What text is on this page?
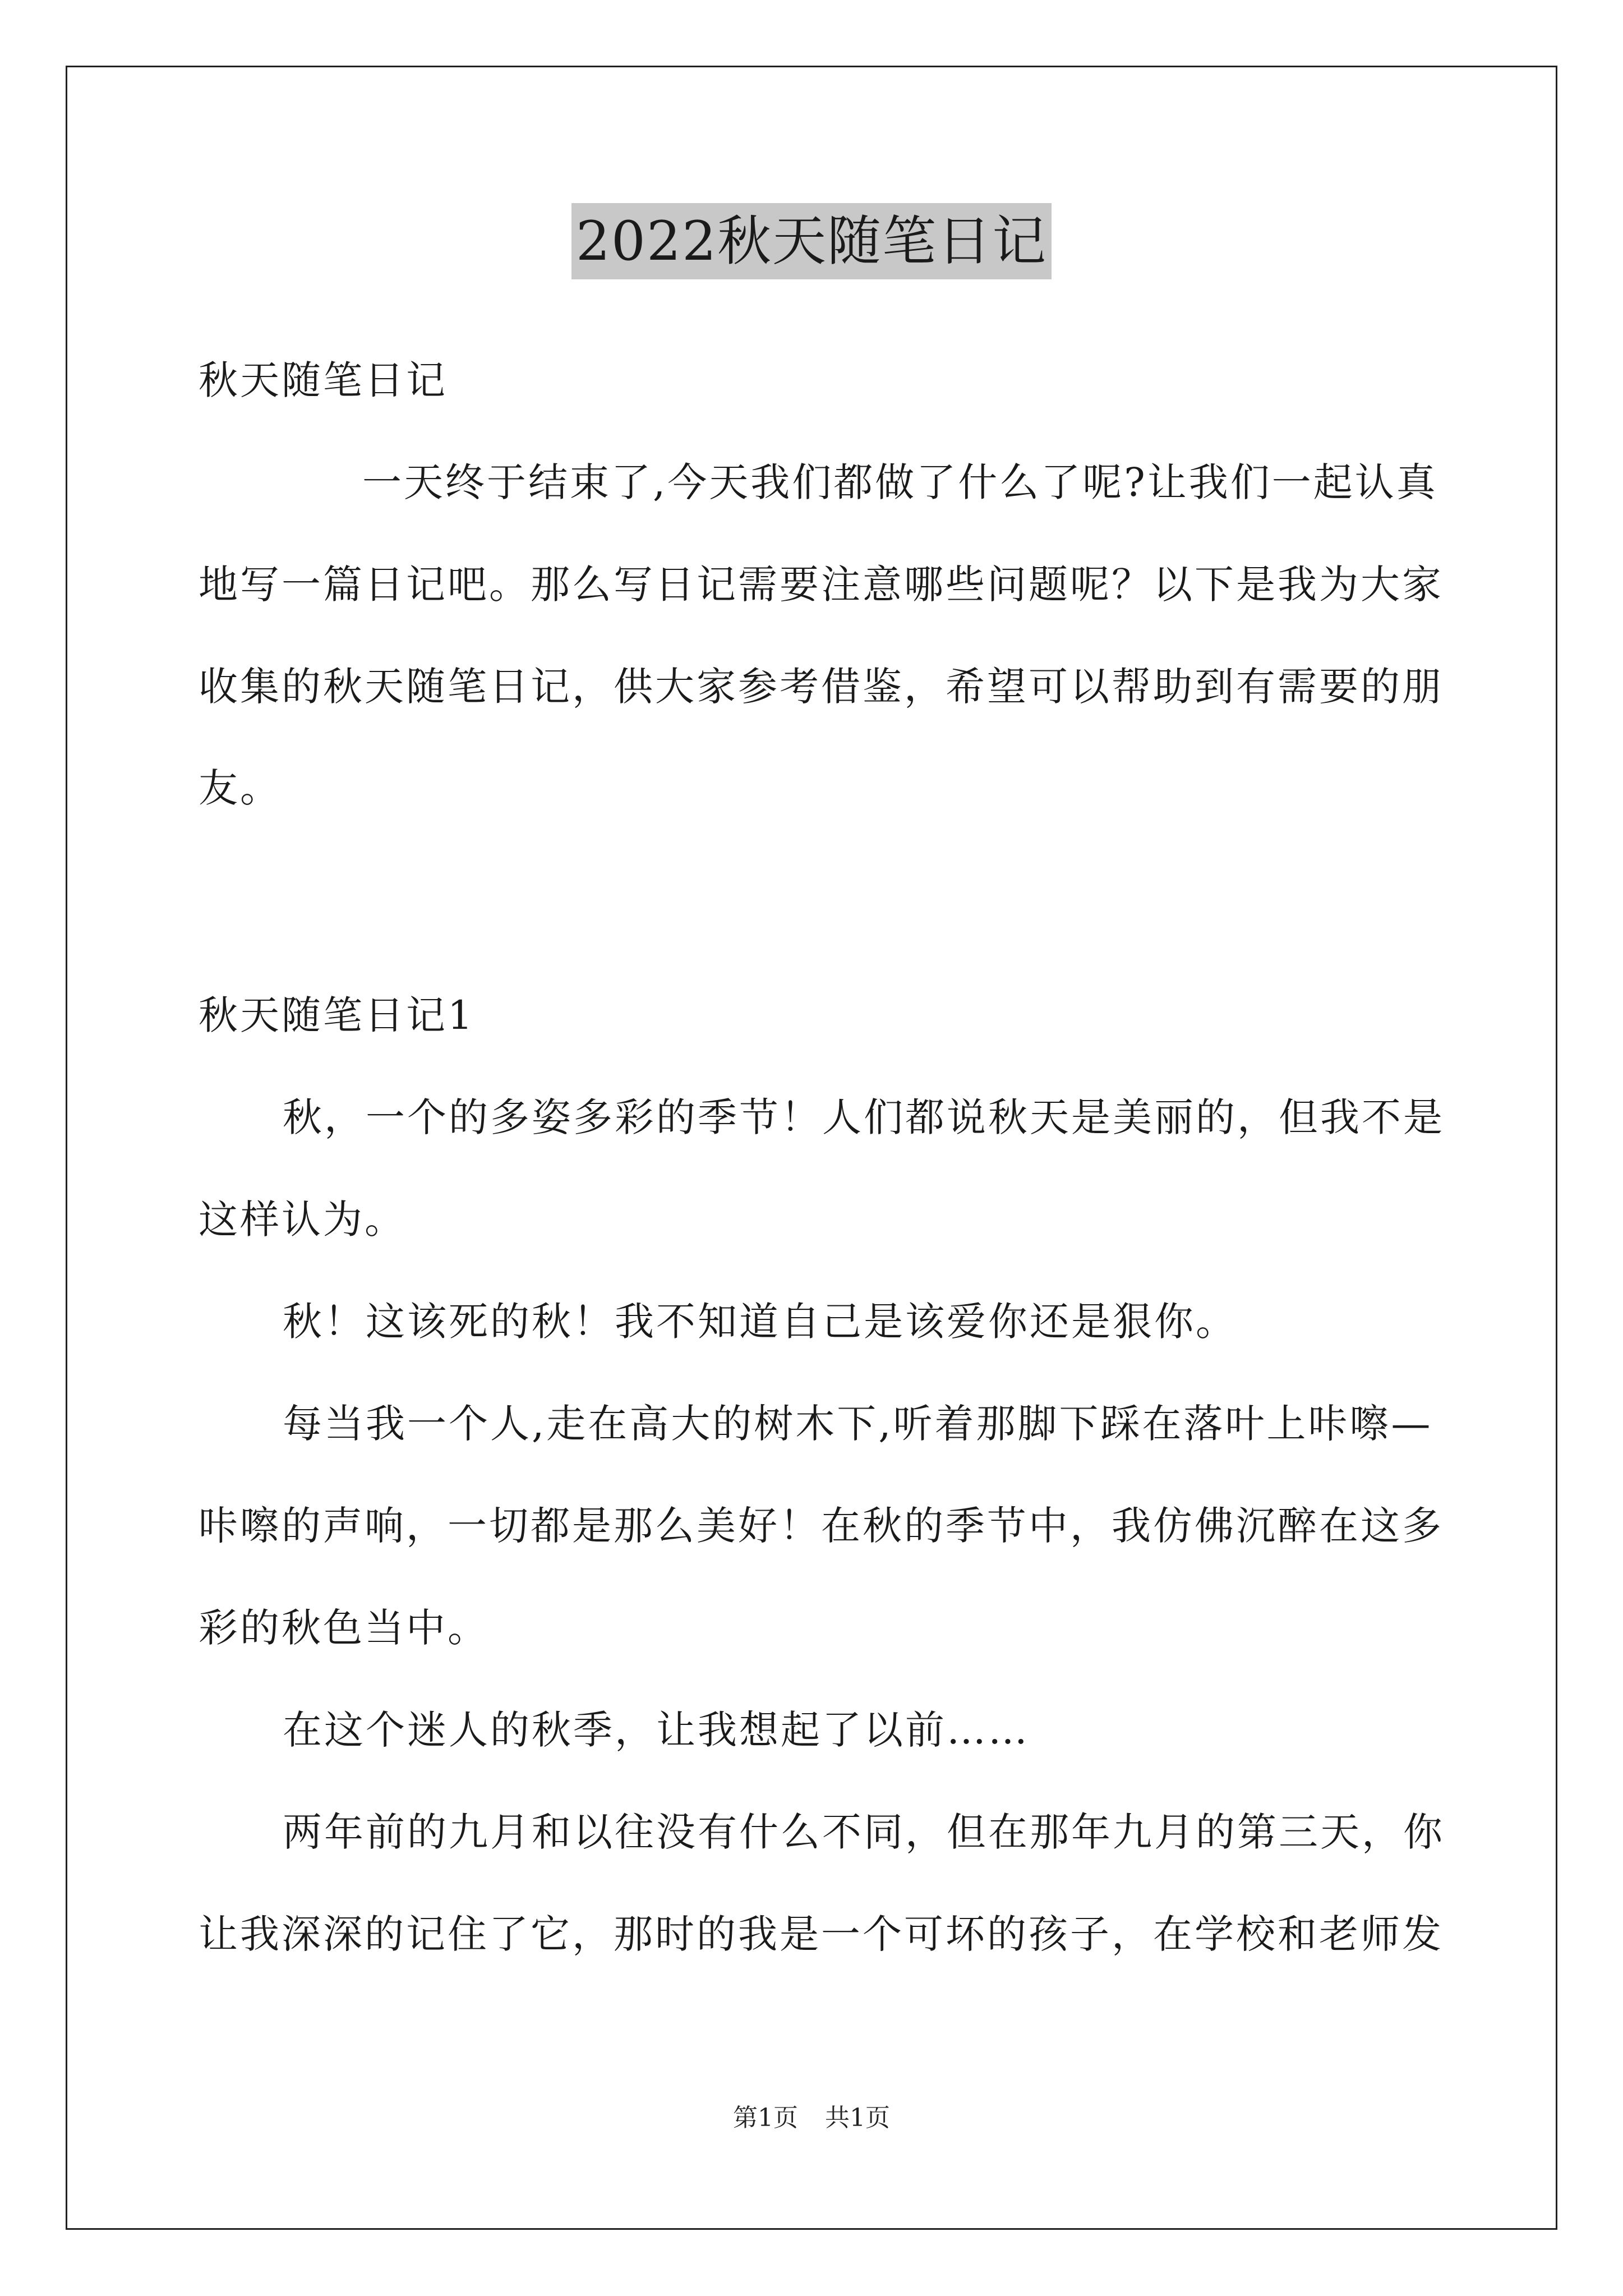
2022秋天随笔日记

秋天随笔日记

一天终于结束了,今天我们都做了什么了呢?让我们一起认真

地写一篇日记吧。那么写日记需要注意哪些问题呢？以下是我为大家

收集的秋天随笔日记，供大家参考借鉴，希望可以帮助到有需要的朋

友。

秋天随笔日记1

秋，一个的多姿多彩的季节！人们都说秋天是美丽的，但我不是

这样认为。

秋！这该死的秋！我不知道自己是该爱你还是狠你。

每当我一个人,走在高大的树木下,听着那脚下踩在落叶上咔嚓—

咔嚓的声响，一切都是那么美好！在秋的季节中，我仿佛沉醉在这多

彩的秋色当中。

在这个迷人的秋季，让我想起了以前……

两年前的九月和以往没有什么不同，但在那年九月的第三天，你

让我深深的记住了它，那时的我是一个可坏的孩子，在学校和老师发

第1页 共1页
